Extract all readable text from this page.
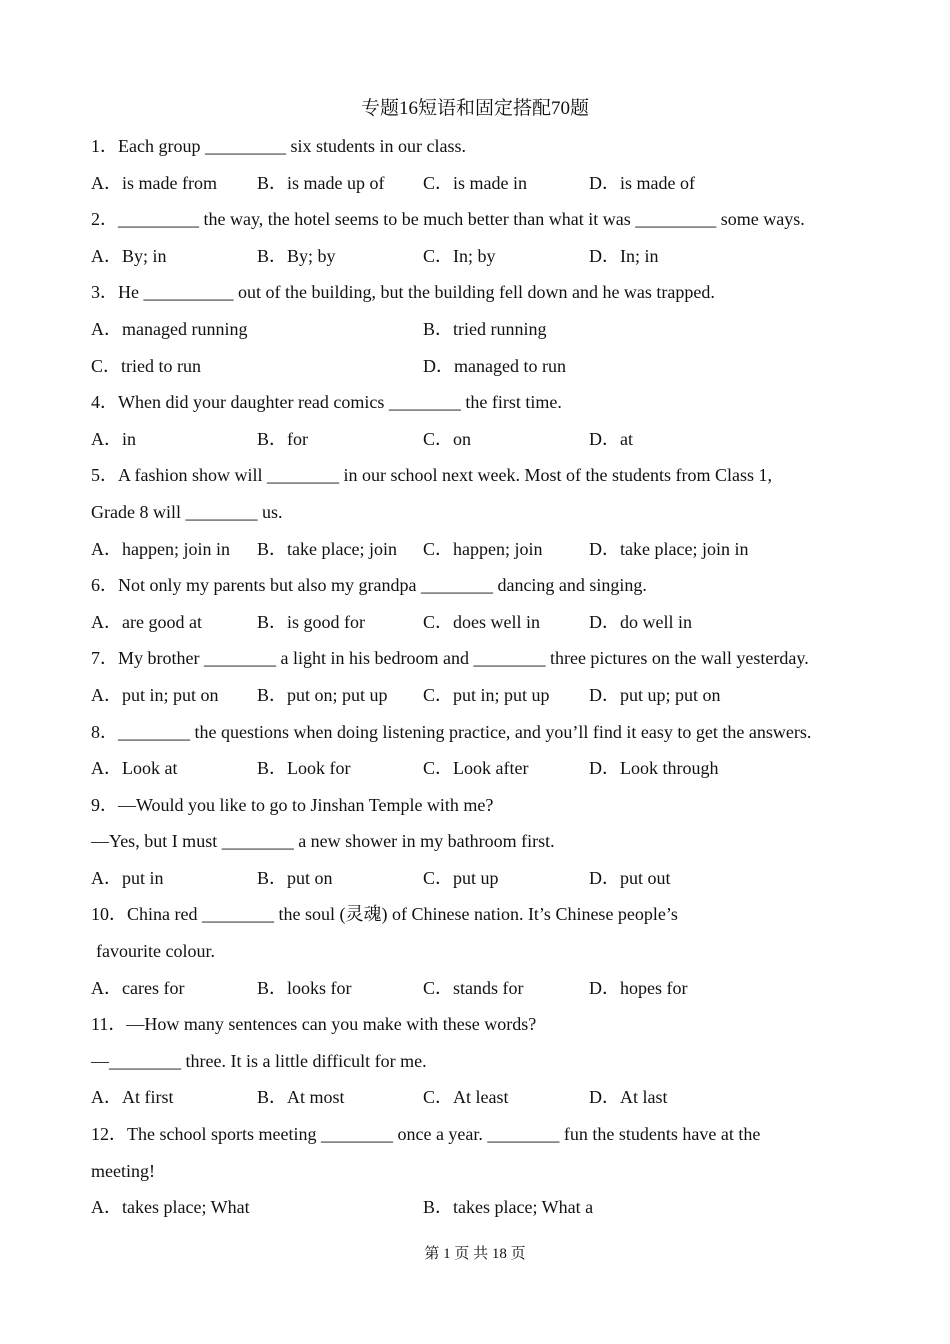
专题16短语和固定搭配70题
1．Each group _________ six students in our class.
A．is made from B．is made up of C．is made in	D．is made of
2．_________ the way, the hotel seems to be much better than what it was _________ some ways.
A．By; in	B．By; by	C．In; by	D．In; in
3．He __________ out of the building, but the building fell down and he was trapped.
A．managed running	B．tried running
C．tried to run	D．managed to run
4．When did your daughter read comics ________ the first time.
A．in	B．for	C．on	D．at
5．A fashion show will ________ in our school next week. Most of the students from Class 1,
Grade 8 will ________ us.
A．happen; join in B．take place; join C．happen; join	D．take place; join in
6．Not only my parents but also my grandpa ________ dancing and singing.
A．are good at	B．is good for	C．does well in	D．do well in
7．My brother ________ a light in his bedroom and ________ three pictures on the wall yesterday.
A．put in; put on B．put on; put up C．put in; put up D．put up; put on
8．________ the questions when doing listening practice, and you’ll find it easy to get the answers.
A．Look at	B．Look for	C．Look after	D．Look through
9．—Would you like to go to Jinshan Temple with me?
—Yes, but I must ________ a new shower in my bathroom first.
A．put in	B．put on	C．put up	D．put out
10．China red ________ the soul (灵魂) of Chinese nation. It’s Chinese people’s
favourite colour.
A．cares for	B．looks for	C．stands for	D．hopes for
11．—How many sentences can you make with these words?
—________ three. It is a little difficult for me.
A．At first	B．At most	C．At least	D．At last
12．The school sports meeting ________ once a year. ________ fun the students have at the
meeting!
A．takes place; What	B．takes place; What a
第 1 页 共 18 页
